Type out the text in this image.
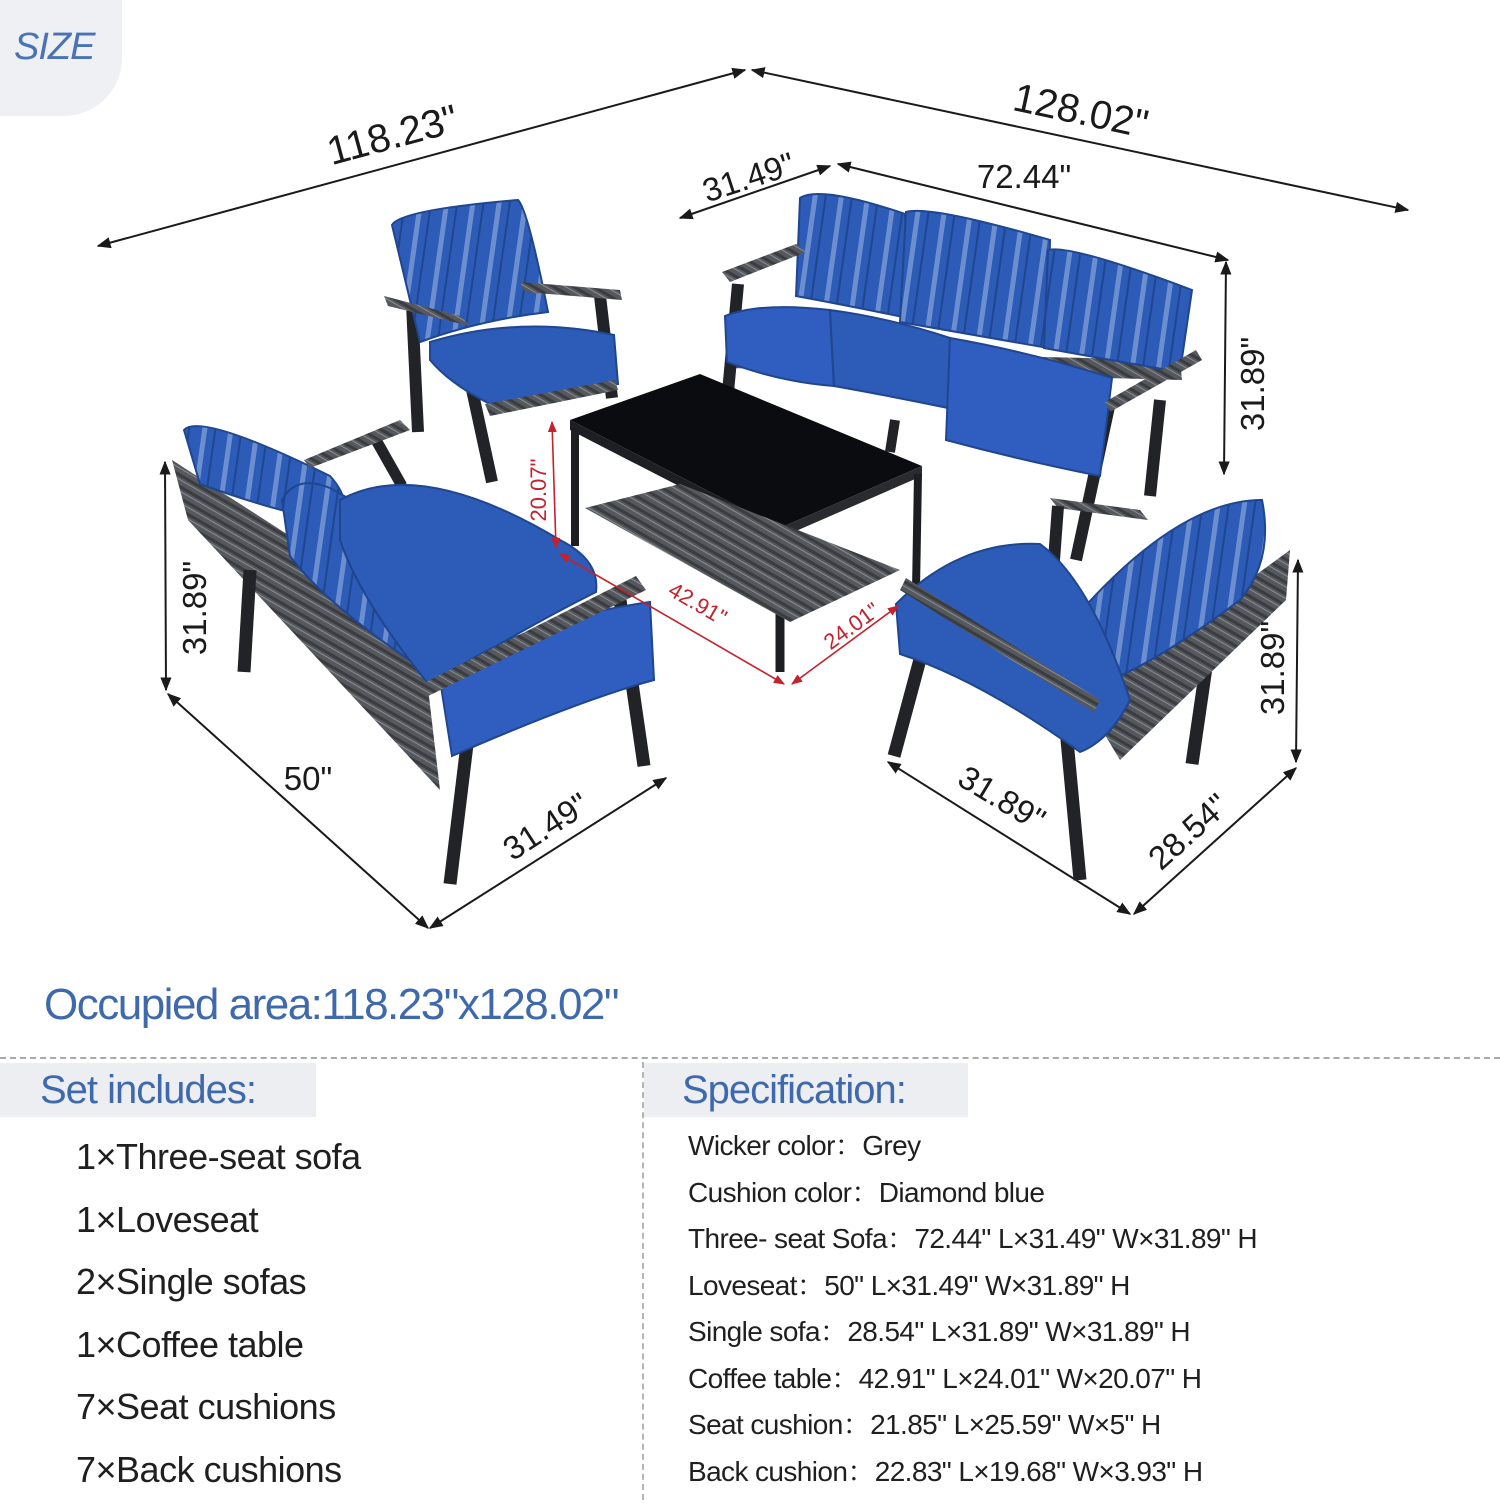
SIZE
118.23"	128.02"
31.49"	72.44"
31.89"
31.89"
50"
31.49"
20.07"
42.91"	24.01"	31.89"
31.89"	28.54"
Occupied area:118.23"x128.02"
Set includes:
1×Three-seat sofa
1×Loveseat
2×Single sofas
1×Coffee table
7×Seat cushions
7×Back cushions
Specification:
Wicker color：Grey
Cushion color：Diamond blue
Three- seat Sofa：72.44" L×31.49" W×31.89" H
Loveseat：50" L×31.49" W×31.89" H
Single sofa：28.54" L×31.89" W×31.89" H
Coffee table：42.91" L×24.01" W×20.07" H
Seat cushion：21.85" L×25.59" W×5" H
Back cushion：22.83" L×19.68" W×3.93" H
